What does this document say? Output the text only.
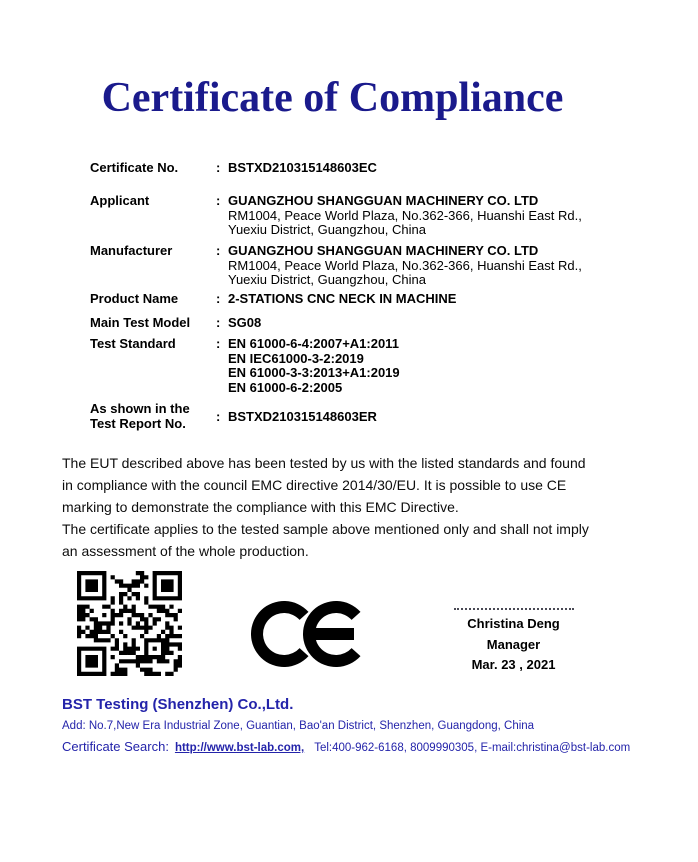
Certificate of Compliance
Certificate No.	: BSTXD210315148603EC
Applicant	: GUANGZHOU SHANGGUAN MACHINERY CO. LTD
RM1004, Peace World Plaza, No.362-366, Huanshi East Rd.,
Yuexiu District, Guangzhou, China
Manufacturer	: GUANGZHOU SHANGGUAN MACHINERY CO. LTD
RM1004, Peace World Plaza, No.362-366, Huanshi East Rd.,
Yuexiu District, Guangzhou, China
Product Name	: 2-STATIONS CNC NECK IN MACHINE
Main Test Model	: SG08
Test Standard	: EN 61000-6-4:2007+A1:2011
EN IEC61000-3-2:2019
EN 61000-3-3:2013+A1:2019
EN 61000-6-2:2005
As shown in the
Test Report No.	: BSTXD210315148603ER
The EUT described above has been tested by us with the listed standards and found
in compliance with the council EMC directive 2014/30/EU. It is possible to use CE
marking to demonstrate the compliance with this EMC Directive.
The certificate applies to the tested sample above mentioned only and shall not imply
an assessment of the whole production.
Christina Deng
Manager
Mar. 23 , 2021
BST Testing (Shenzhen) Co.,Ltd.
Add: No.7,New Era Industrial Zone, Guantian, Bao'an District, Shenzhen, Guangdong, China
Certificate Search: http://www.bst-lab.com, Tel:400-962-6168, 8009990305, E-mail:christina@bst-lab.com
